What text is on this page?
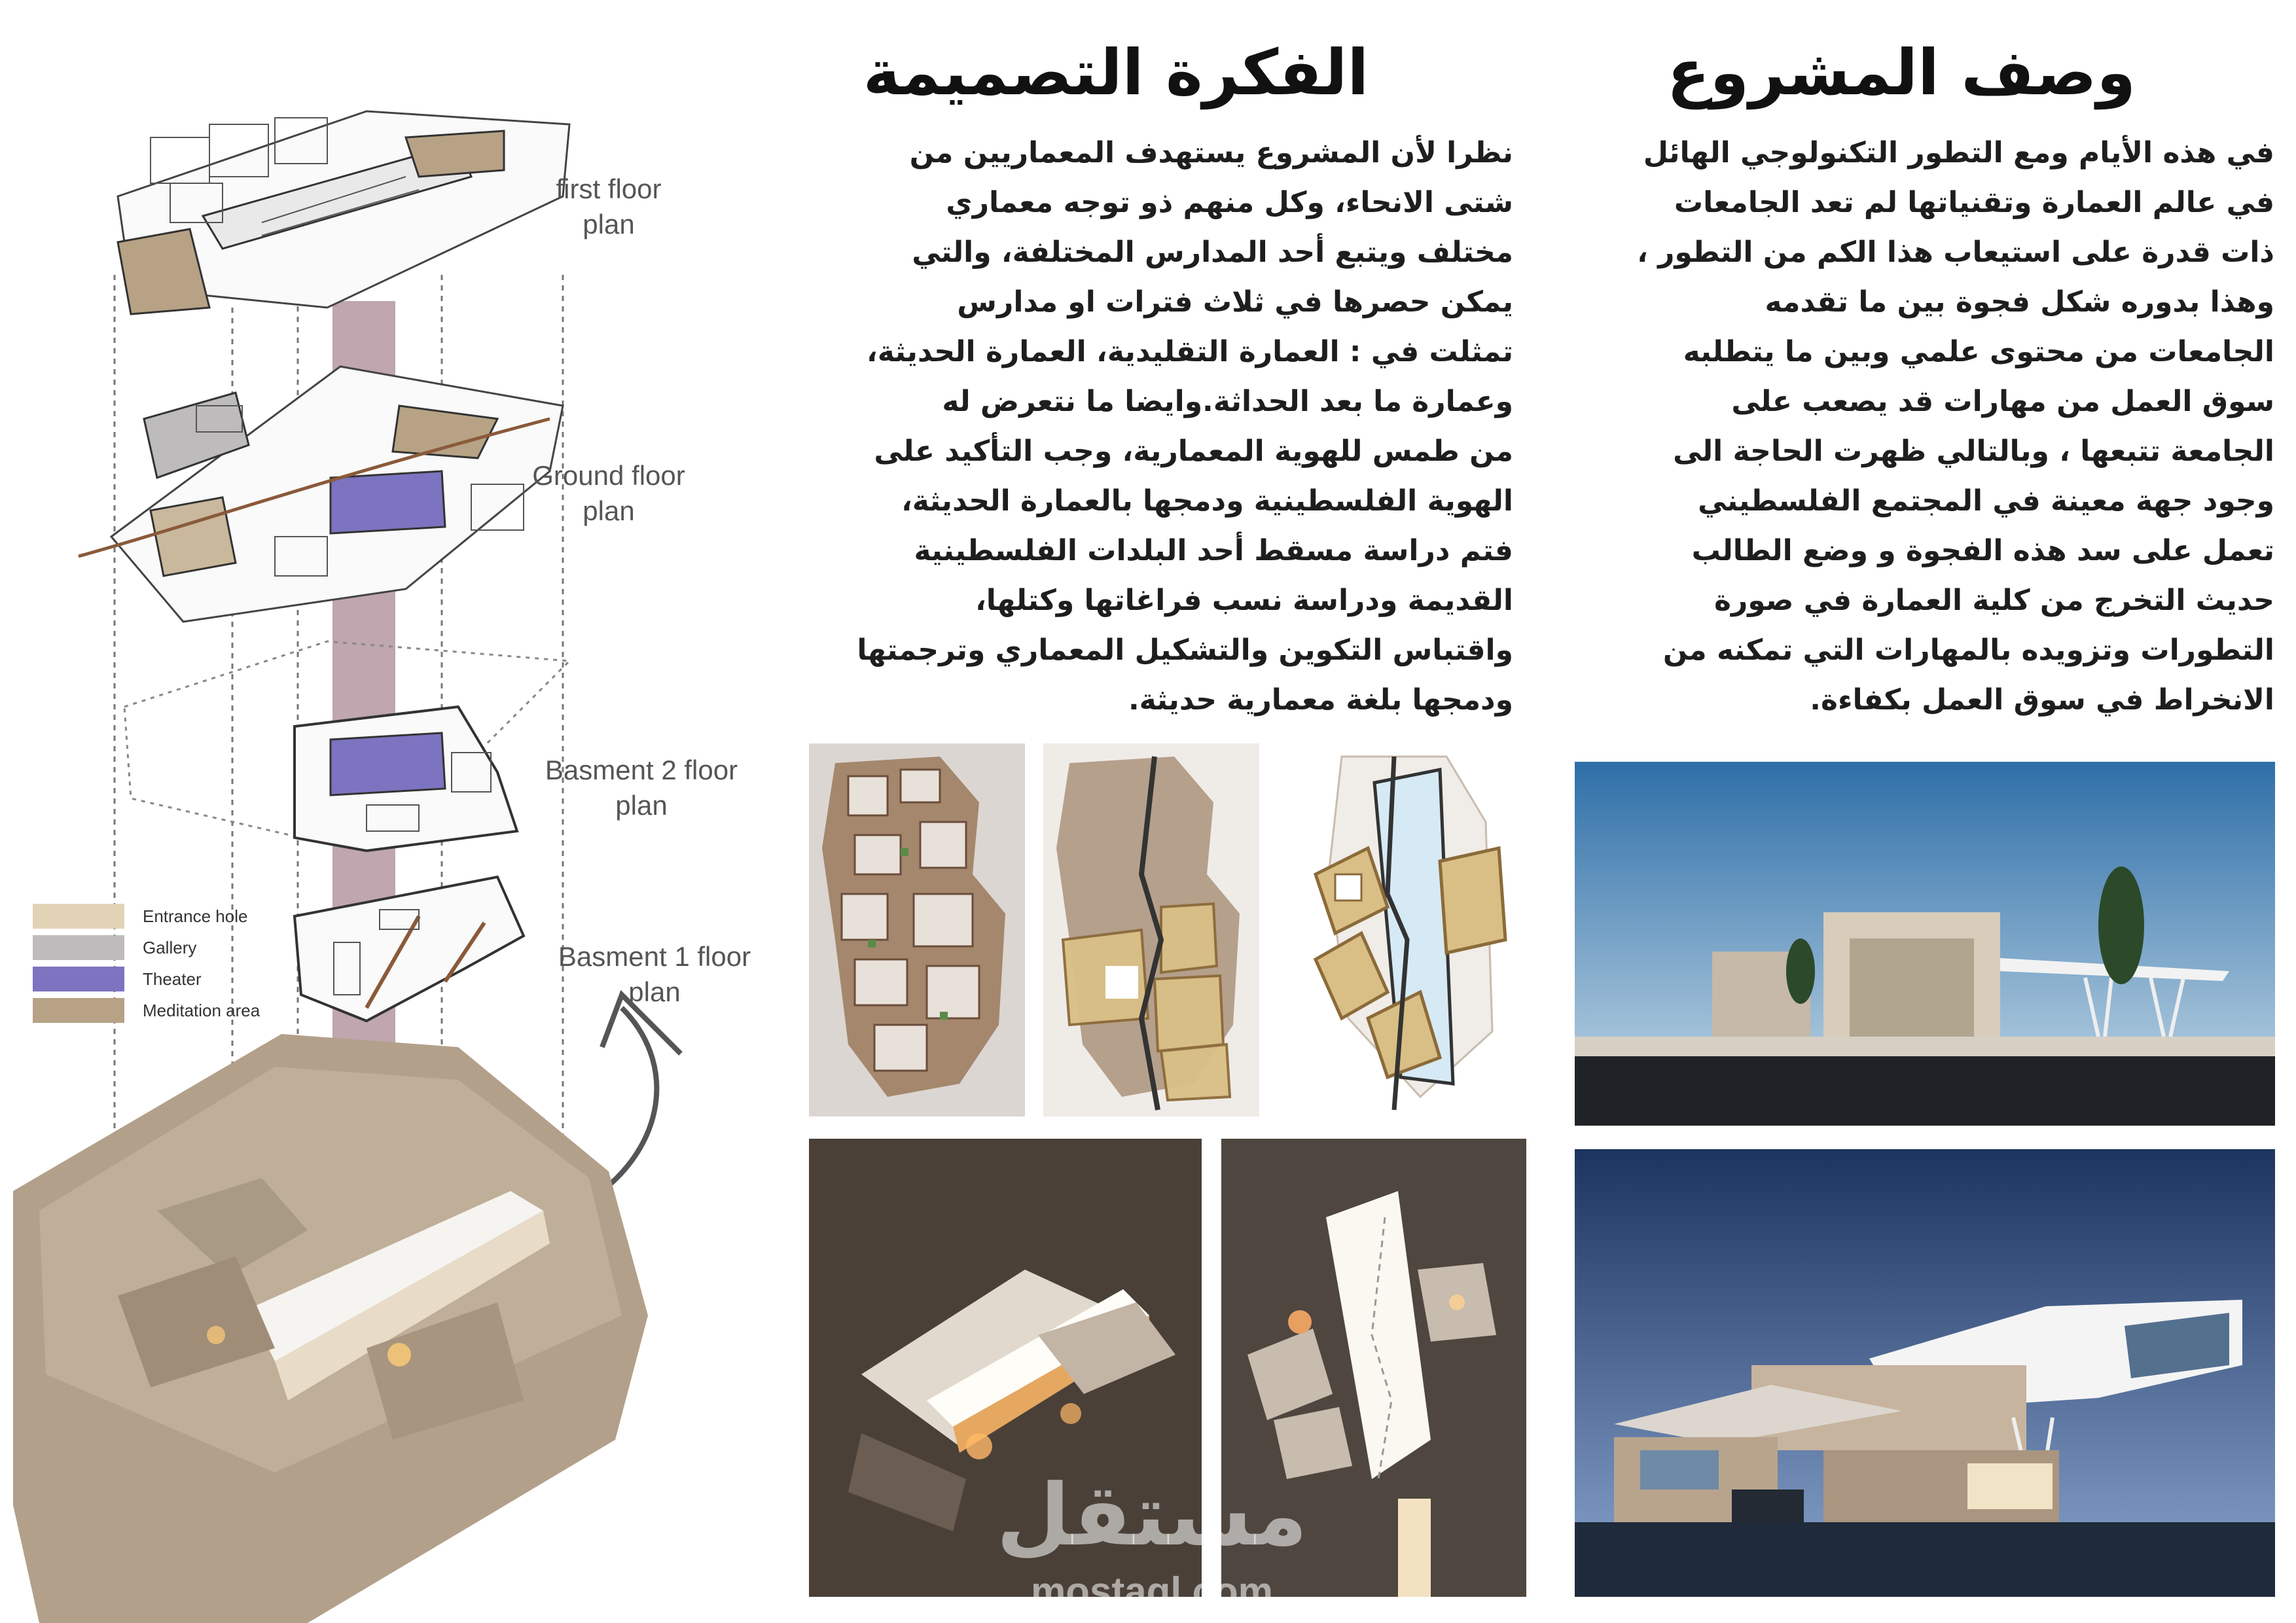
first floor
plan
Ground floor
plan
Basment 2 floor
plan
Basment 1 floor
plan
Entrance hole
Gallery
Theater
Meditation area
الفكرة التصميمة	وصف المشروع
نظرا لأن المشروع يستهدف المعماريين من
شتى الانحاء، وكل منهم ذو توجه معماري
مختلف ويتبع أحد المدارس المختلفة، والتي
يمكن حصرها في ثلاث فترات او مدارس
تمثلت في : العمارة التقليدية، العمارة الحديثة،
وعمارة ما بعد الحداثة.وايضا ما نتعرض له
من طمس للهوية المعمارية، وجب التأكيد على
الهوية الفلسطينية ودمجها بالعمارة الحديثة،
فتم دراسة مسقط أحد البلدات الفلسطينية
القديمة ودراسة نسب فراغاتها وكتلها،
واقتباس التكوين والتشكيل المعماري وترجمتها
ودمجها بلغة معمارية حديثة.
في هذه الأيام ومع التطور التكنولوجي الهائل
في عالم العمارة وتقنياتها لم تعد الجامعات
ذات قدرة على استيعاب هذا الكم من التطور ،
وهذا بدوره شكل فجوة بين ما تقدمه
الجامعات من محتوى علمي وبين ما يتطلبه
سوق العمل من مهارات قد يصعب على
الجامعة تتبعها ، وبالتالي ظهرت الحاجة الى
وجود جهة معينة في المجتمع الفلسطيني
تعمل على سد هذه الفجوة و وضع الطالب
حديث التخرج من كلية العمارة في صورة
التطورات وتزويده بالمهارات التي تمكنه من
الانخراط في سوق العمل بكفاءة.
مستقل
mostaql.com
